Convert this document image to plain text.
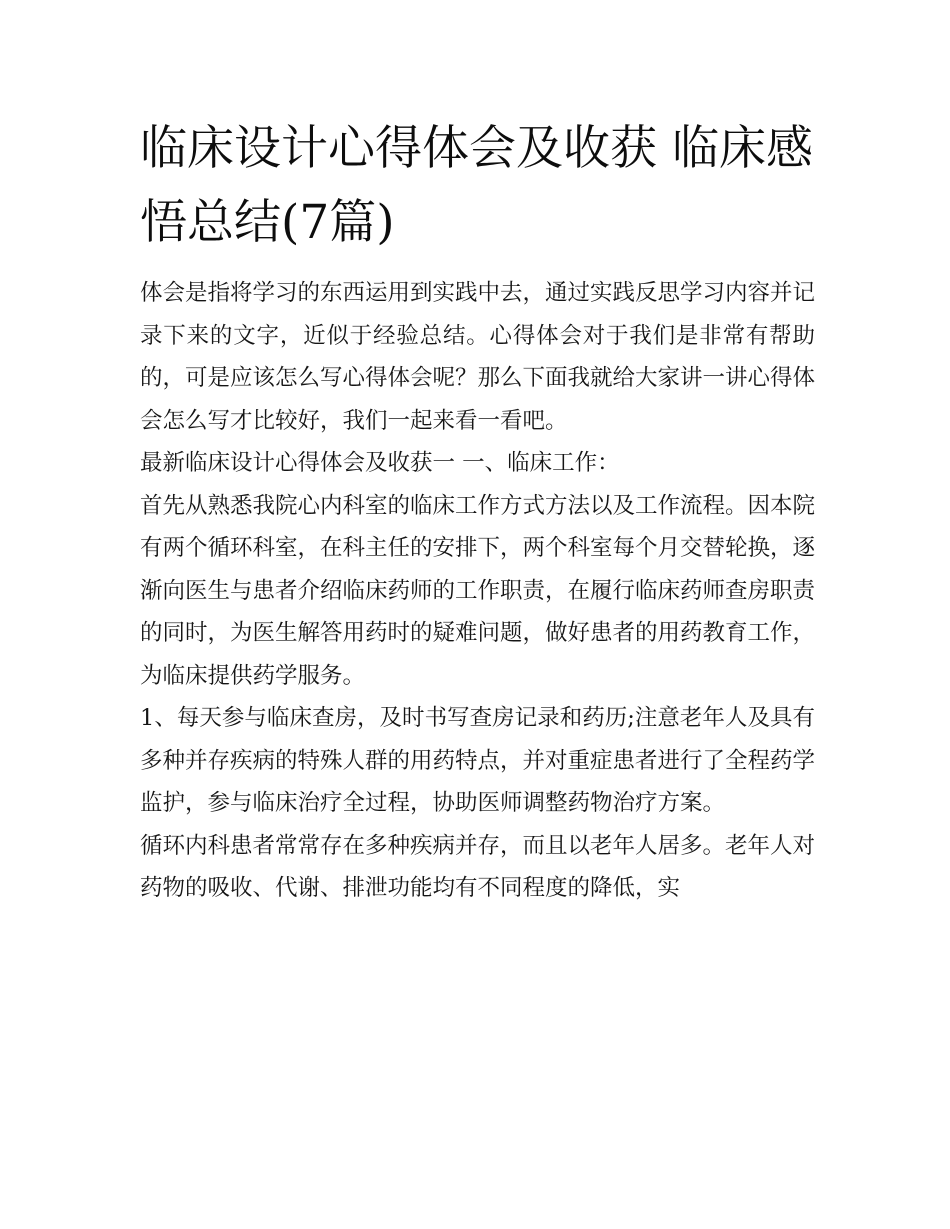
临床设计心得体会及收获 临床感悟总结(7篇)

体会是指将学习的东西运用到实践中去，通过实践反思学习内容并记录下来的文字，近似于经验总结。心得体会对于我们是非常有帮助的，可是应该怎么写心得体会呢？那么下面我就给大家讲一讲心得体会怎么写才比较好，我们一起来看一看吧。

最新临床设计心得体会及收获一 一、临床工作：

首先从熟悉我院心内科室的临床工作方式方法以及工作流程。因本院有两个循环科室，在科主任的安排下，两个科室每个月交替轮换，逐渐向医生与患者介绍临床药师的工作职责，在履行临床药师查房职责的同时，为医生解答用药时的疑难问题，做好患者的用药教育工作，为临床提供药学服务。

1、每天参与临床查房，及时书写查房记录和药历;注意老年人及具有多种并存疾病的特殊人群的用药特点，并对重症患者进行了全程药学监护，参与临床治疗全过程，协助医师调整药物治疗方案。

循环内科患者常常存在多种疾病并存，而且以老年人居多。老年人对药物的吸收、代谢、排泄功能均有不同程度的降低，实
